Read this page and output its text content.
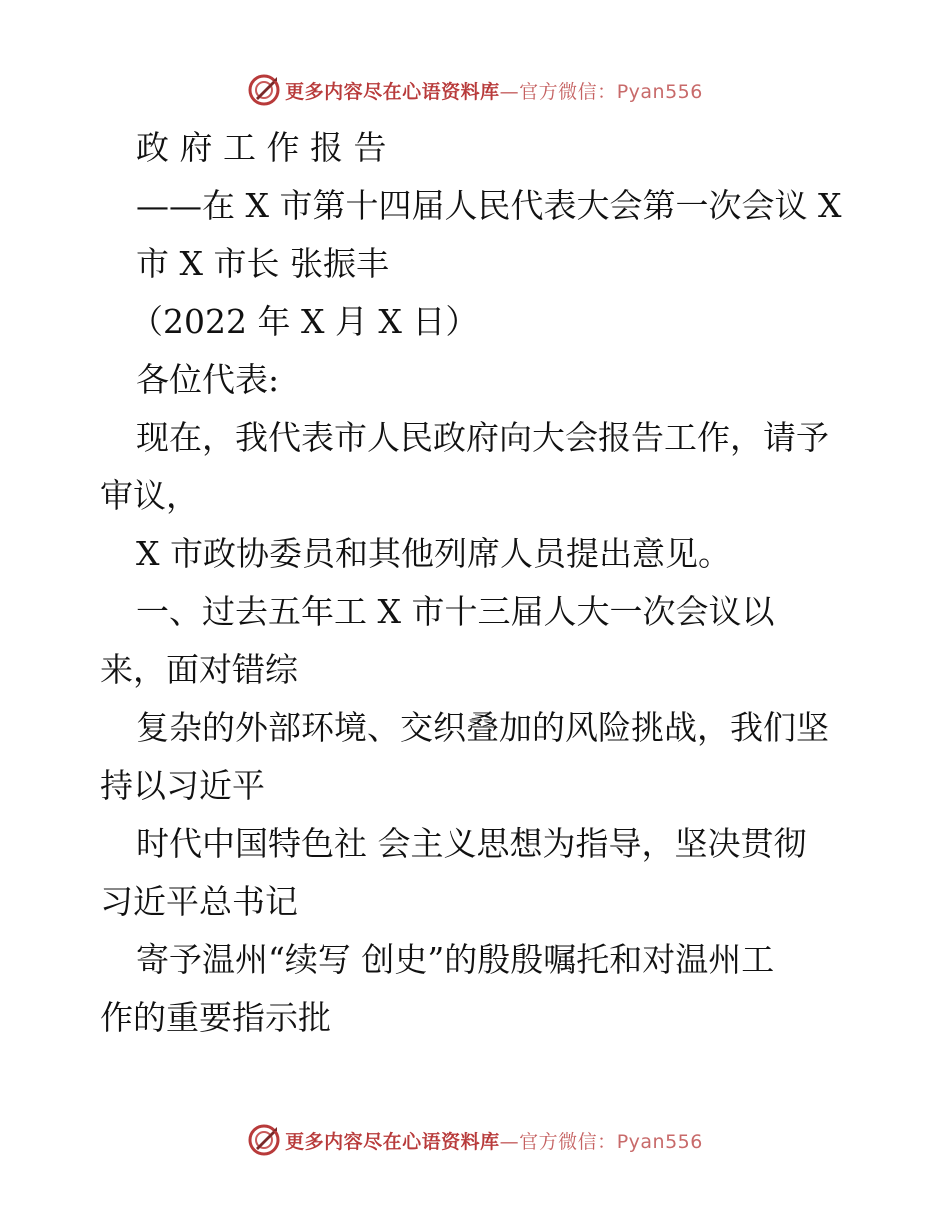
更多内容尽在心语资料库—官方微信：Pyan556
政 府 工 作 报 告
——在 X 市第十四届人民代表大会第一次会议 X
市 X 市长 张振丰
（2022 年 X 月 X 日）
各位代表:
现在，我代表市人民政府向大会报告工作，请予
审议，
X 市政协委员和其他列席人员提出意见。
一、过去五年工 X 市十三届人大一次会议以
来，面对错综
复杂的外部环境、交织叠加的风险挑战，我们坚
持以习近平
时代中国特色社 会主义思想为指导，坚决贯彻
习近平总书记
寄予温州“续写 创史”的殷殷嘱托和对温州工
作的重要指示批
更多内容尽在心语资料库—官方微信：Pyan556
